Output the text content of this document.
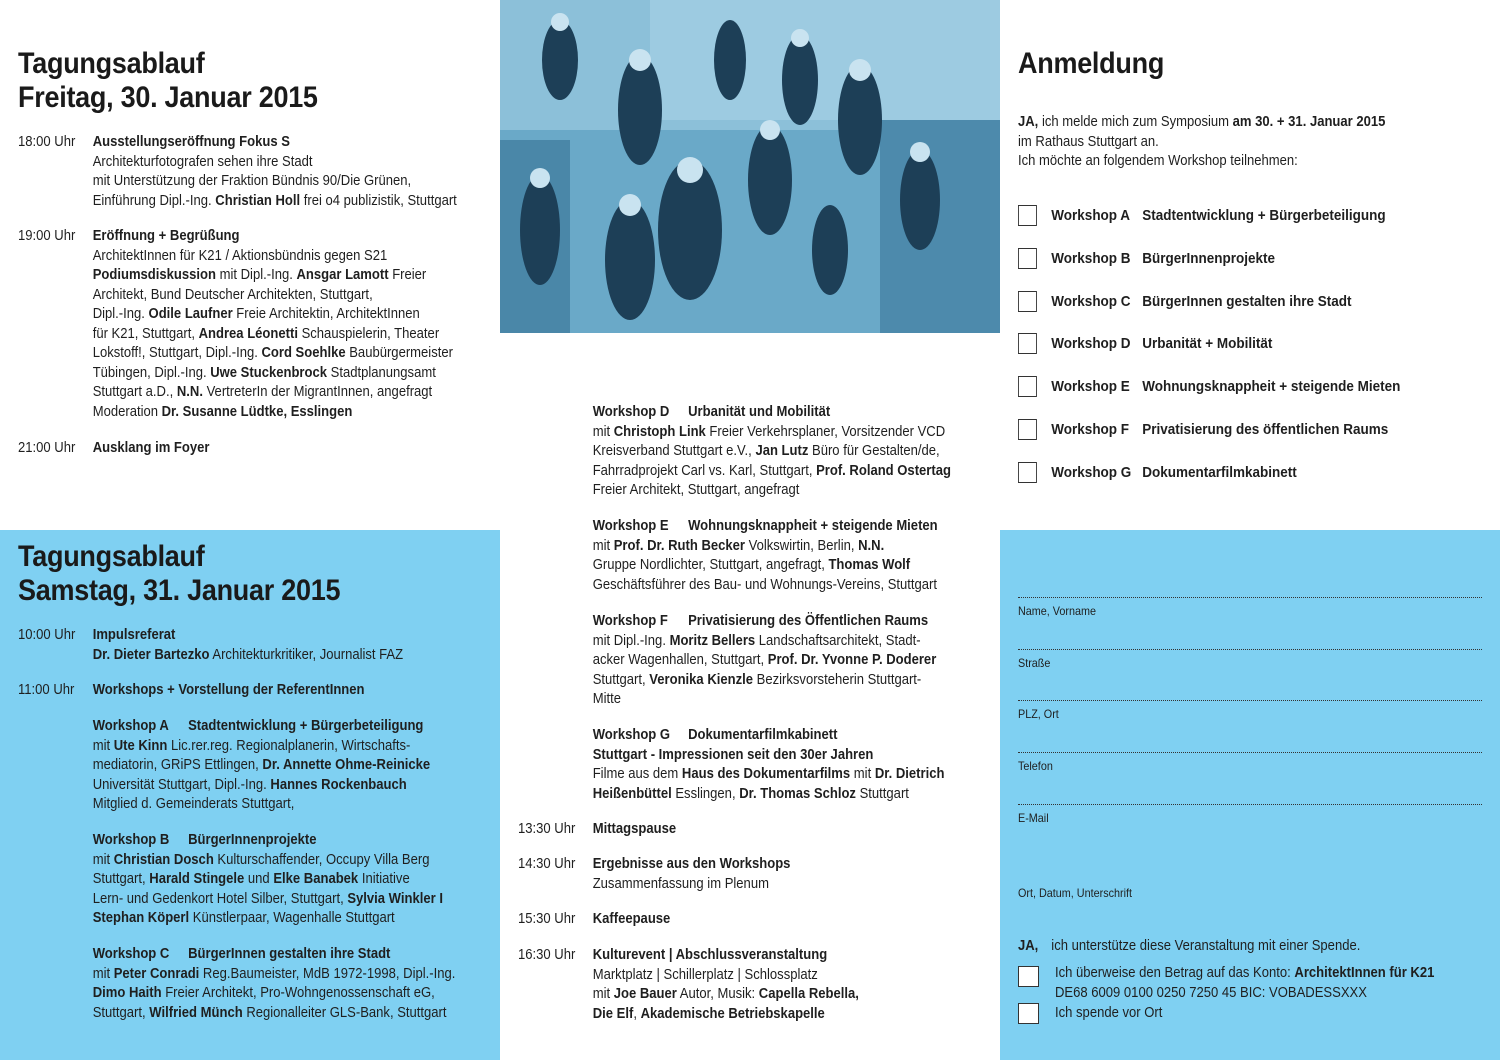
Tagungsablauf
Freitag, 30. Januar 2015
18:00 Uhr	Ausstellungseröffnung Fokus S
Architekturfotografen sehen ihre Stadt
mit Unterstützung der Fraktion Bündnis 90/Die Grünen,
Einführung Dipl.-Ing. Christian Holl frei o4 publizistik, Stuttgart
19:00 Uhr	Eröffnung + Begrüßung
ArchitektInnen für K21 / Aktionsbündnis gegen S21
Podiumsdiskussion mit Dipl.-Ing. Ansgar Lamott Freier
Architekt, Bund Deutscher Architekten, Stuttgart,
Dipl.-Ing. Odile Laufner Freie Architektin, ArchitektInnen
für K21, Stuttgart, Andrea Léonetti Schauspielerin, Theater
Lokstoff!, Stuttgart, Dipl.-Ing. Cord Soehlke Baubürgermeister
Tübingen, Dipl.-Ing. Uwe Stuckenbrock Stadtplanungsamt
Stuttgart a.D., N.N. VertreterIn der MigrantInnen, angefragt
Moderation Dr. Susanne Lüdtke, Esslingen
21:00 Uhr	Ausklang im Foyer
Tagungsablauf
Samstag, 31. Januar 2015
10:00 Uhr	Impulsreferat
Dr. Dieter Bartezko Architekturkritiker, Journalist FAZ
11:00 Uhr	Workshops + Vorstellung der ReferentInnen
Workshop A Stadtentwicklung + Bürgerbeteiligung
mit Ute Kinn Lic.rer.reg. Regionalplanerin, Wirtschafts-
mediatorin, GRiPS Ettlingen, Dr. Annette Ohme-Reinicke
Universität Stuttgart, Dipl.-Ing. Hannes Rockenbauch
Mitglied d. Gemeinderats Stuttgart,
Workshop B BürgerInnenprojekte
mit Christian Dosch Kulturschaffender, Occupy Villa Berg
Stuttgart, Harald Stingele und Elke Banabek Initiative
Lern- und Gedenkort Hotel Silber, Stuttgart, Sylvia Winkler I
Stephan Köperl Künstlerpaar, Wagenhalle Stuttgart
Workshop C BürgerInnen gestalten ihre Stadt
mit Peter Conradi Reg.Baumeister, MdB 1972-1998, Dipl.-Ing.
Dimo Haith Freier Architekt, Pro-Wohngenossenschaft eG,
Stuttgart, Wilfried Münch Regionalleiter GLS-Bank, Stuttgart
Workshop D Urbanität und Mobilität
mit Christoph Link Freier Verkehrsplaner, Vorsitzender VCD
Kreisverband Stuttgart e.V., Jan Lutz Büro für Gestalten/de,
Fahrradprojekt Carl vs. Karl, Stuttgart, Prof. Roland Ostertag
Freier Architekt, Stuttgart, angefragt
Workshop E Wohnungsknappheit + steigende Mieten
mit Prof. Dr. Ruth Becker Volkswirtin, Berlin, N.N.
Gruppe Nordlichter, Stuttgart, angefragt, Thomas Wolf
Geschäftsführer des Bau- und Wohnungs-Vereins, Stuttgart
Workshop F Privatisierung des Öffentlichen Raums
mit Dipl.-Ing. Moritz Bellers Landschaftsarchitekt, Stadt-
acker Wagenhallen, Stuttgart, Prof. Dr. Yvonne P. Doderer
Stuttgart, Veronika Kienzle Bezirksvorsteherin Stuttgart-
Mitte
Workshop G Dokumentarfilmkabinett
Stuttgart - Impressionen seit den 30er Jahren
Filme aus dem Haus des Dokumentarfilms mit Dr. Dietrich
Heißenbüttel Esslingen, Dr. Thomas Schloz Stuttgart
13:30 Uhr	Mittagspause
14:30 Uhr	Ergebnisse aus den Workshops
Zusammenfassung im Plenum
15:30 Uhr	Kaffeepause
16:30 Uhr	Kulturevent | Abschlussveranstaltung
Marktplatz | Schillerplatz | Schlossplatz
mit Joe Bauer Autor, Musik: Capella Rebella,
Die Elf, Akademische Betriebskapelle
Anmeldung
JA, ich melde mich zum Symposium am 30. + 31. Januar 2015
im Rathaus Stuttgart an.
Ich möchte an folgendem Workshop teilnehmen:
Workshop A Stadtentwicklung + Bürgerbeteiligung
Workshop B BürgerInnenprojekte
Workshop C BürgerInnen gestalten ihre Stadt
Workshop D Urbanität + Mobilität
Workshop E Wohnungsknappheit + steigende Mieten
Workshop F Privatisierung des öffentlichen Raums
Workshop G Dokumentarfilmkabinett
Name, Vorname
Straße
PLZ, Ort
Telefon
E-Mail
Ort, Datum, Unterschrift
JA, ich unterstütze diese Veranstaltung mit einer Spende.
Ich überweise den Betrag auf das Konto: ArchitektInnen für K21
DE68 6009 0100 0250 7250 45 BIC: VOBADESSXXX
Ich spende vor Ort
